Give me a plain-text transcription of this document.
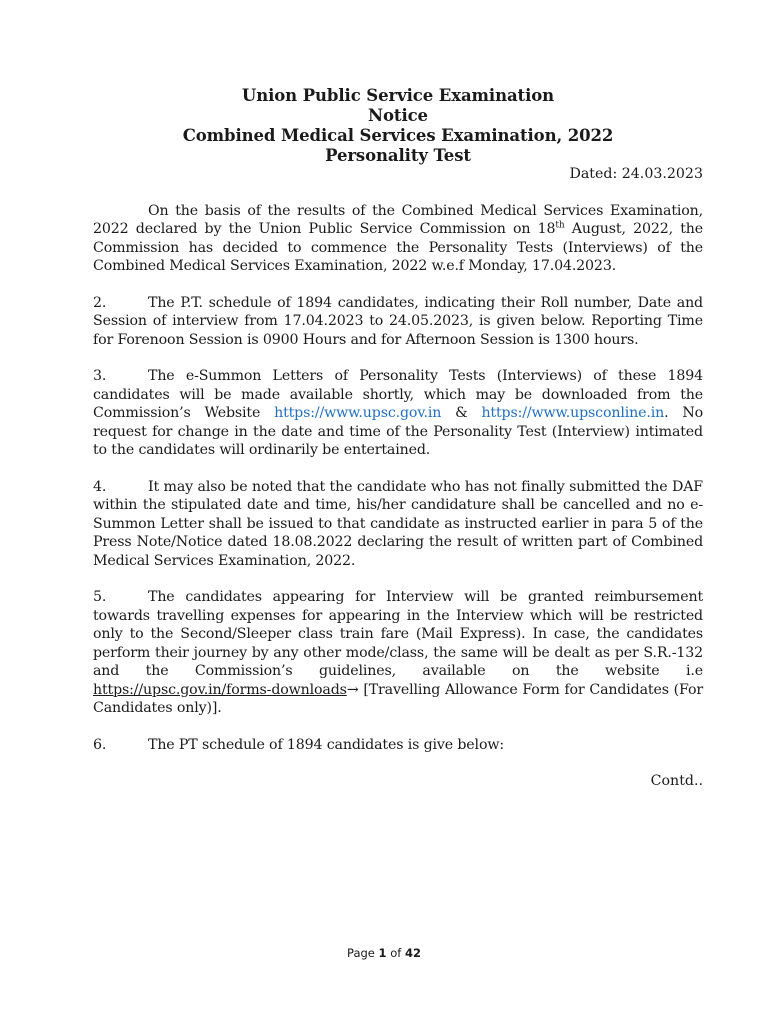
Union Public Service Examination
Notice
Combined Medical Services Examination, 2022
Personality Test
Dated: 24.03.2023

On the basis of the results of the Combined Medical Services Examination, 2022 declared by the Union Public Service Commission on 18th August, 2022, the Commission has decided to commence the Personality Tests (Interviews) of the Combined Medical Services Examination, 2022 w.e.f Monday, 17.04.2023.

2.	The P.T. schedule of 1894 candidates, indicating their Roll number, Date and Session of interview from 17.04.2023 to 24.05.2023, is given below. Reporting Time for Forenoon Session is 0900 Hours and for Afternoon Session is 1300 hours.

3.	The e-Summon Letters of Personality Tests (Interviews) of these 1894 candidates will be made available shortly, which may be downloaded from the Commission’s Website https://www.upsc.gov.in & https://www.upsconline.in. No request for change in the date and time of the Personality Test (Interview) intimated to the candidates will ordinarily be entertained.

4.	It may also be noted that the candidate who has not finally submitted the DAF within the stipulated date and time, his/her candidature shall be cancelled and no e-Summon Letter shall be issued to that candidate as instructed earlier in para 5 of the Press Note/Notice dated 18.08.2022 declaring the result of written part of Combined Medical Services Examination, 2022.

5.	The candidates appearing for Interview will be granted reimbursement towards travelling expenses for appearing in the Interview which will be restricted only to the Second/Sleeper class train fare (Mail Express). In case, the candidates perform their journey by any other mode/class, the same will be dealt as per S.R.-132 and the Commission’s guidelines, available on the website i.e https://upsc.gov.in/forms-downloads→ [Travelling Allowance Form for Candidates (For Candidates only)].

6.	The PT schedule of 1894 candidates is give below:

Contd..
Page 1 of 42
